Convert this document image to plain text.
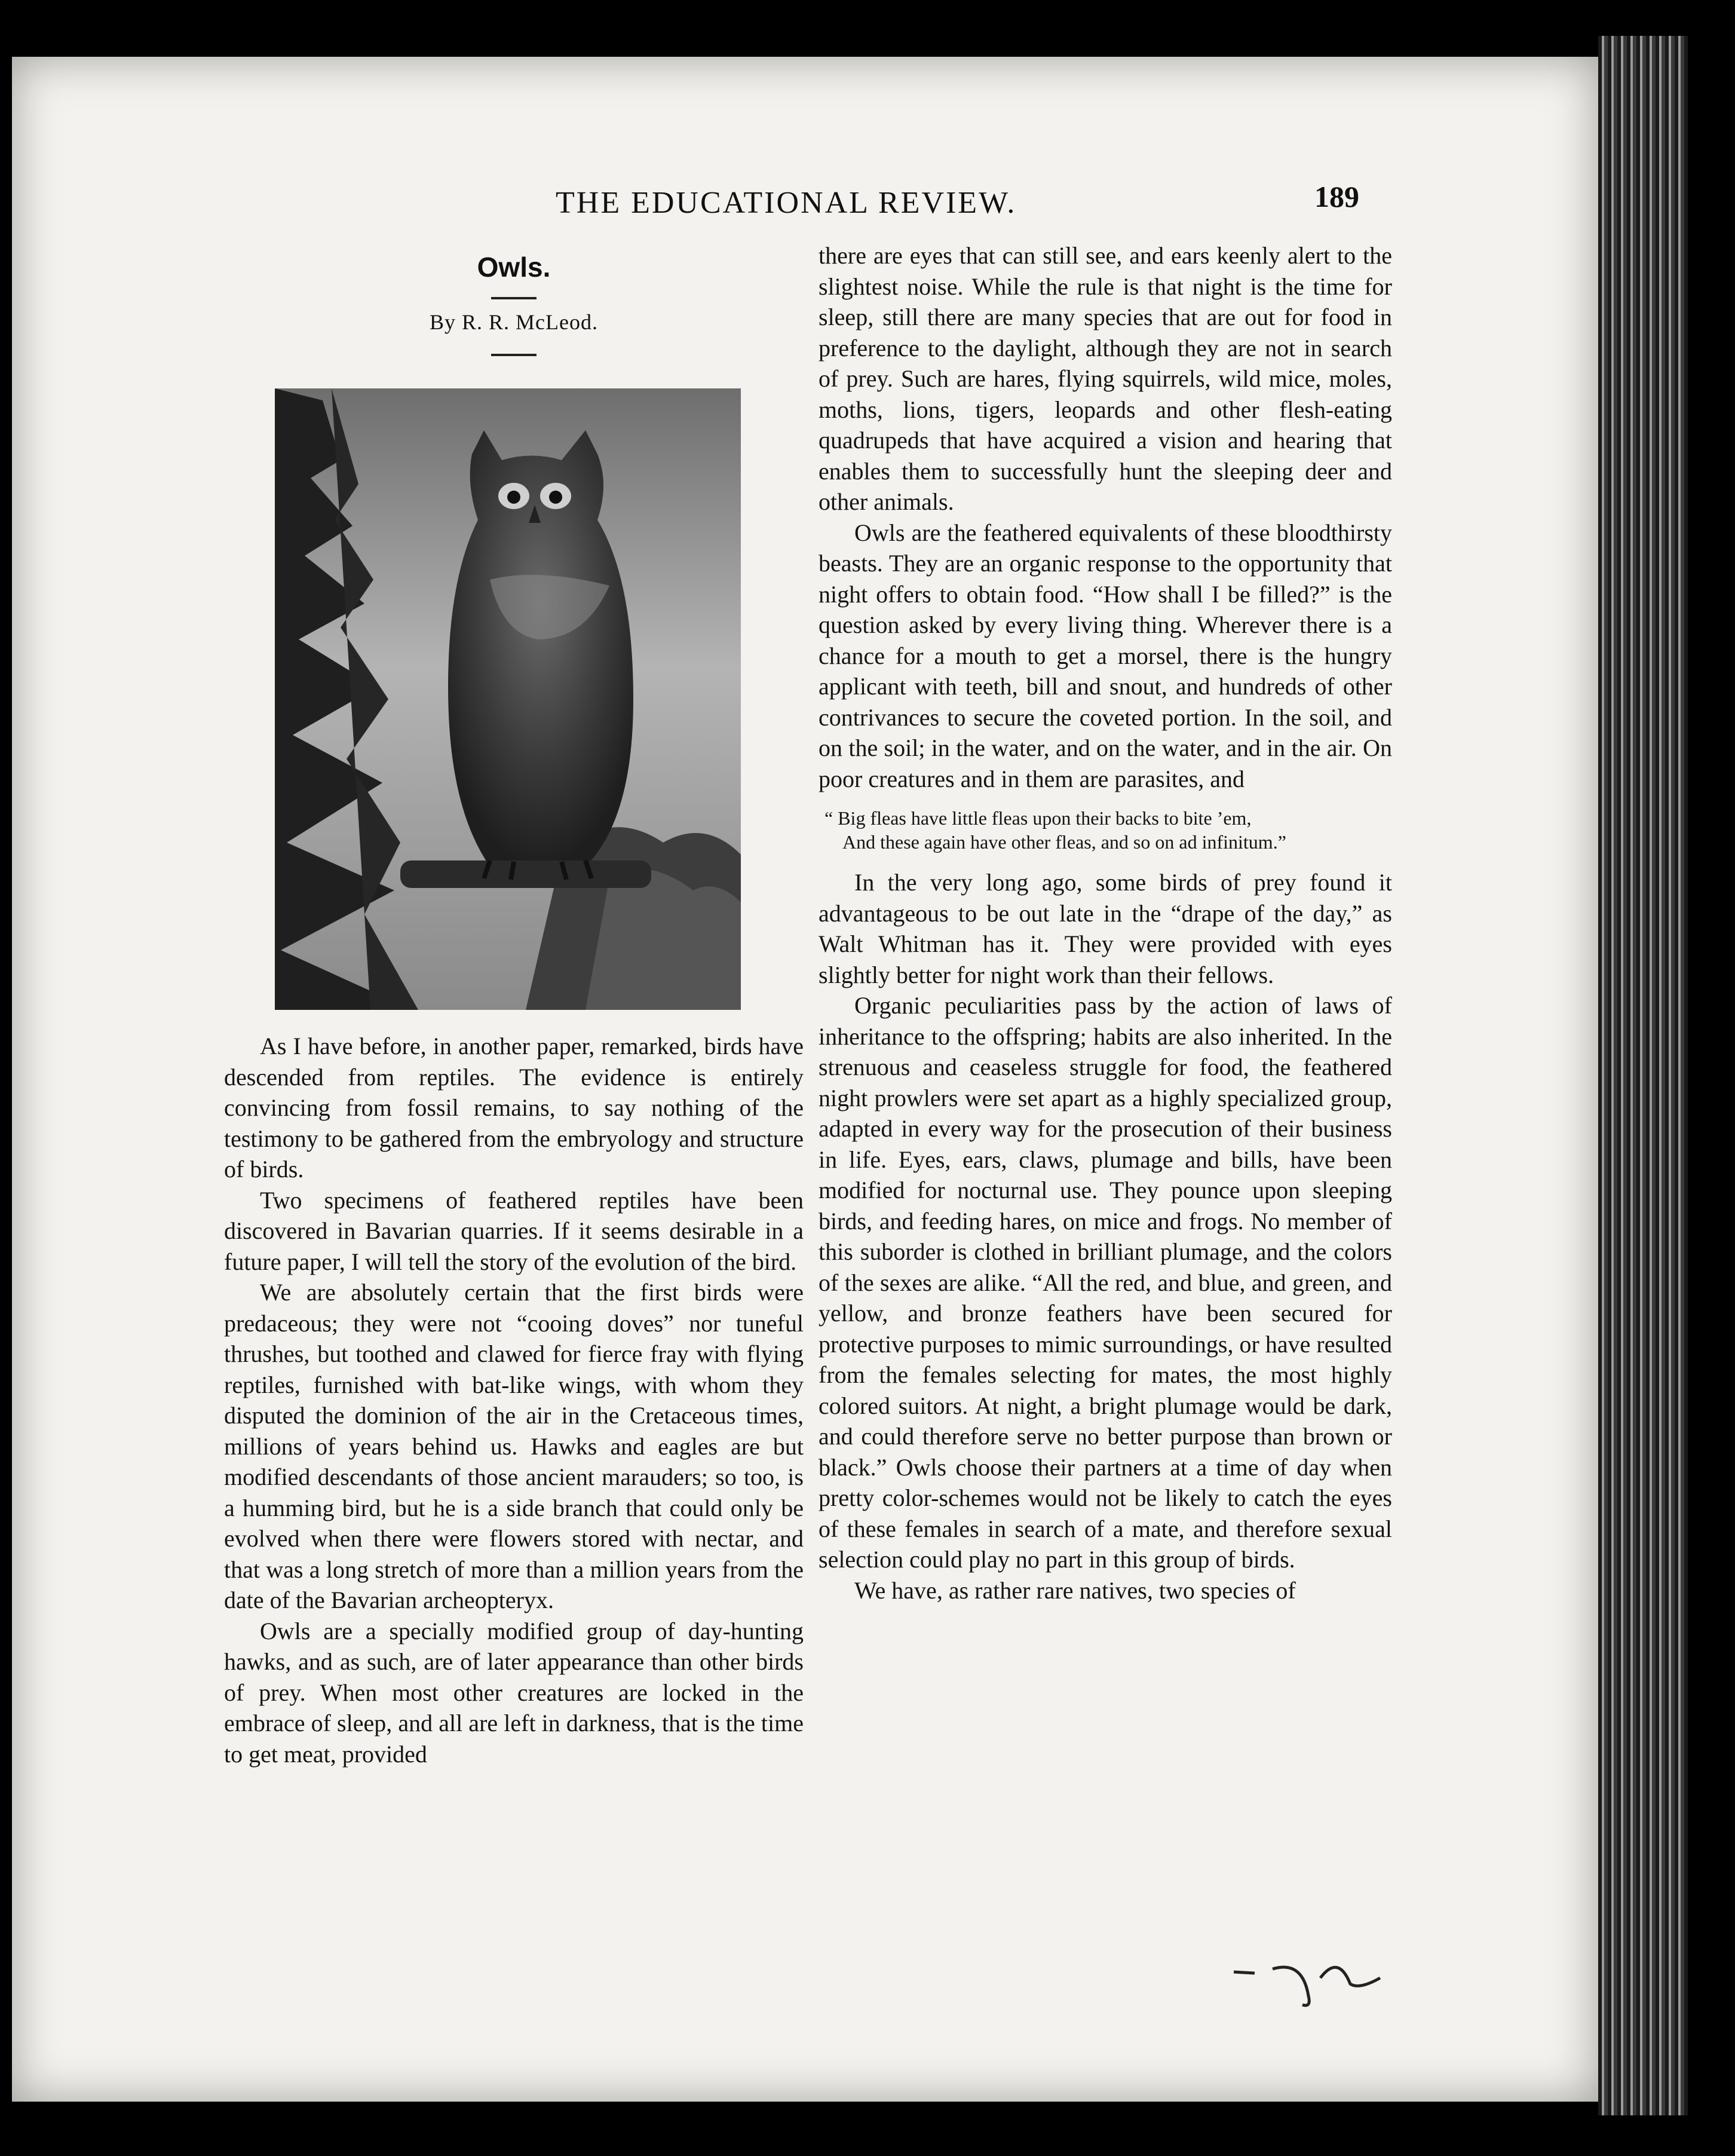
THE EDUCATIONAL REVIEW.	189
Owls.
By R. R. McLeod.

As I have before, in another paper, remarked, birds have descended from reptiles. The evidence is entirely convincing from fossil remains, to say nothing of the testimony to be gathered from the embryology and structure of birds.

Two specimens of feathered reptiles have been discovered in Bavarian quarries. If it seems desirable in a future paper, I will tell the story of the evolution of the bird.

We are absolutely certain that the first birds were predaceous; they were not “cooing doves” nor tuneful thrushes, but toothed and clawed for fierce fray with flying reptiles, furnished with bat-like wings, with whom they disputed the dominion of the air in the Cretaceous times, millions of years behind us. Hawks and eagles are but modified descendants of those ancient marauders; so too, is a humming bird, but he is a side branch that could only be evolved when there were flowers stored with nectar, and that was a long stretch of more than a million years from the date of the Bavarian archeopteryx.

Owls are a specially modified group of day-hunting hawks, and as such, are of later appearance than other birds of prey. When most other creatures are locked in the embrace of sleep, and all are left in darkness, that is the time to get meat, provided

there are eyes that can still see, and ears keenly alert to the slightest noise. While the rule is that night is the time for sleep, still there are many species that are out for food in preference to the daylight, although they are not in search of prey. Such are hares, flying squirrels, wild mice, moles, moths, lions, tigers, leopards and other flesh-eating quadrupeds that have acquired a vision and hearing that enables them to successfully hunt the sleeping deer and other animals.

Owls are the feathered equivalents of these bloodthirsty beasts. They are an organic response to the opportunity that night offers to obtain food. “How shall I be filled?” is the question asked by every living thing. Wherever there is a chance for a mouth to get a morsel, there is the hungry applicant with teeth, bill and snout, and hundreds of other contrivances to secure the coveted portion. In the soil, and on the soil; in the water, and on the water, and in the air. On poor creatures and in them are parasites, and

“ Big fleas have little fleas upon their backs to bite ’em,
And these again have other fleas, and so on ad infinitum.”

In the very long ago, some birds of prey found it advantageous to be out late in the “drape of the day,” as Walt Whitman has it. They were provided with eyes slightly better for night work than their fellows.

Organic peculiarities pass by the action of laws of inheritance to the offspring; habits are also inherited. In the strenuous and ceaseless struggle for food, the feathered night prowlers were set apart as a highly specialized group, adapted in every way for the prosecution of their business in life. Eyes, ears, claws, plumage and bills, have been modified for nocturnal use. They pounce upon sleeping birds, and feeding hares, on mice and frogs. No member of this suborder is clothed in brilliant plumage, and the colors of the sexes are alike. “All the red, and blue, and green, and yellow, and bronze feathers have been secured for protective purposes to mimic surroundings, or have resulted from the females selecting for mates, the most highly colored suitors. At night, a bright plumage would be dark, and could therefore serve no better purpose than brown or black.” Owls choose their partners at a time of day when pretty color-schemes would not be likely to catch the eyes of these females in search of a mate, and therefore sexual selection could play no part in this group of birds.

We have, as rather rare natives, two species of
